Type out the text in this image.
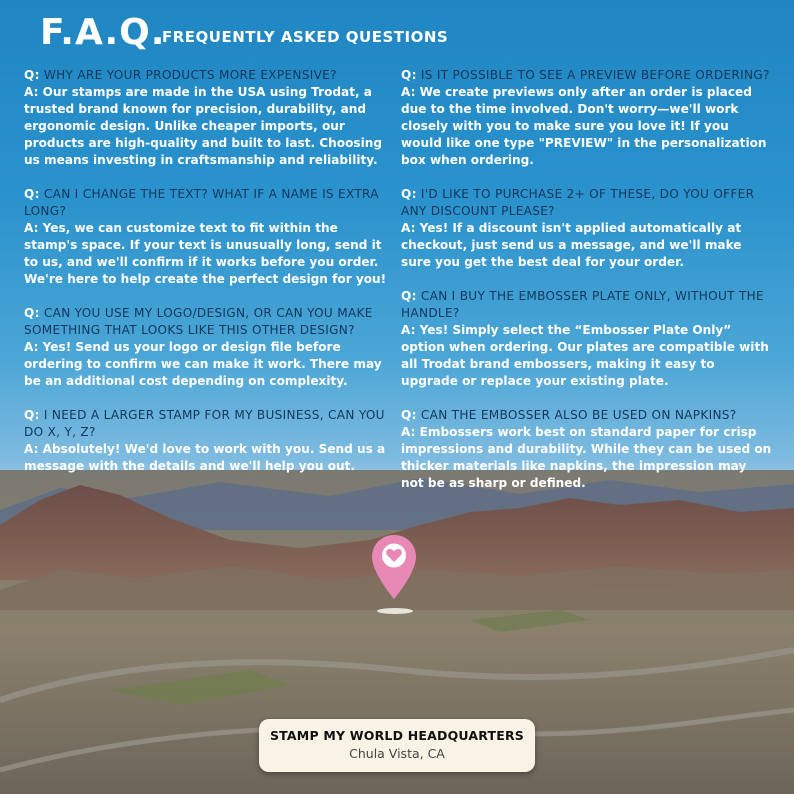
F.A.Q.
FREQUENTLY ASKED QUESTIONS

Q: WHY ARE YOUR PRODUCTS MORE EXPENSIVE?

A: Our stamps are made in the USA using Trodat, a trusted brand known for precision, durability, and ergonomic design. Unlike cheaper imports, our products are high-quality and built to last. Choosing us means investing in craftsmanship and reliability.

Q: CAN I CHANGE THE TEXT? WHAT IF A NAME IS EXTRA LONG?

A: Yes, we can customize text to fit within the stamp's space. If your text is unusually long, send it to us, and we'll confirm if it works before you order. We're here to help create the perfect design for you!

Q: CAN YOU USE MY LOGO/DESIGN, OR CAN YOU MAKE SOMETHING THAT LOOKS LIKE THIS OTHER DESIGN?

A: Yes! Send us your logo or design file before ordering to confirm we can make it work. There may be an additional cost depending on complexity.

Q: I NEED A LARGER STAMP FOR MY BUSINESS, CAN YOU DO X, Y, Z?

A: Absolutely! We'd love to work with you. Send us a message with the details and we'll help you out.

Q: IS IT POSSIBLE TO SEE A PREVIEW BEFORE ORDERING?

A: We create previews only after an order is placed due to the time involved. Don't worry—we'll work closely with you to make sure you love it! If you would like one type "PREVIEW" in the personalization box when ordering.

Q: I'D LIKE TO PURCHASE 2+ OF THESE, DO YOU OFFER ANY DISCOUNT PLEASE?

A: Yes! If a discount isn't applied automatically at checkout, just send us a message, and we'll make sure you get the best deal for your order.

Q: CAN I BUY THE EMBOSSER PLATE ONLY, WITHOUT THE HANDLE?

A: Yes! Simply select the “Embosser Plate Only” option when ordering. Our plates are compatible with all Trodat brand embossers, making it easy to upgrade or replace your existing plate.

Q: CAN THE EMBOSSER ALSO BE USED ON NAPKINS?

A: Embossers work best on standard paper for crisp impressions and durability. While they can be used on thicker materials like napkins, the impression may not be as sharp or defined.

STAMP MY WORLD HEADQUARTERS
Chula Vista, CA
